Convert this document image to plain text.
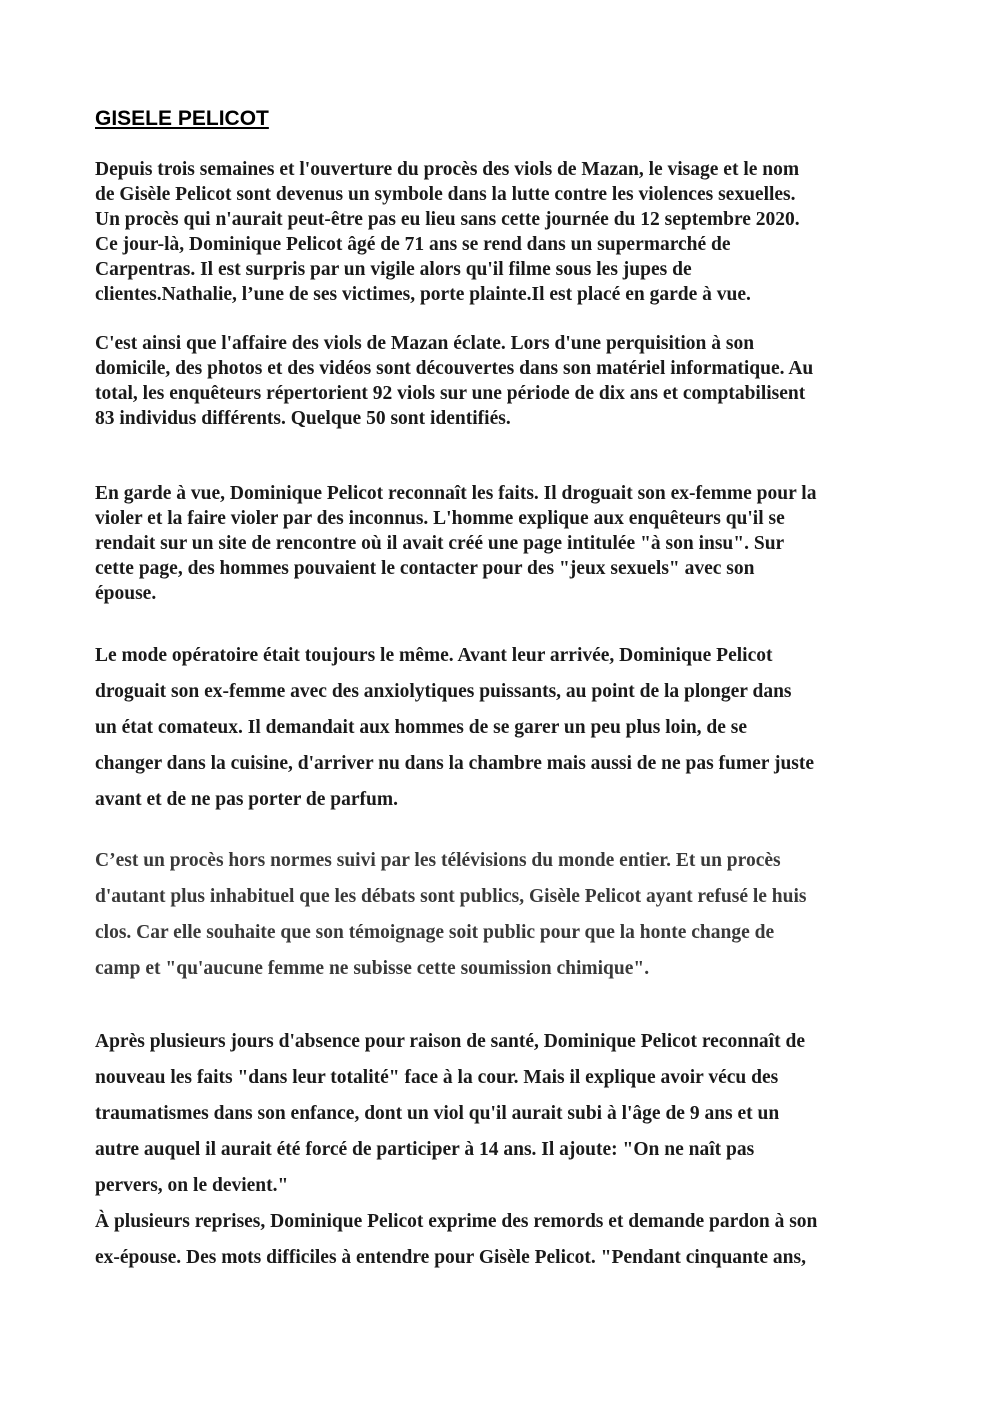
GISELE PELICOT

Depuis trois semaines et l'ouverture du procès des viols de Mazan, le visage et le nom
de Gisèle Pelicot sont devenus un symbole dans la lutte contre les violences sexuelles.
Un procès qui n'aurait peut-être pas eu lieu sans cette journée du 12 septembre 2020.
Ce jour-là, Dominique Pelicot âgé de 71 ans se rend dans un supermarché de
Carpentras. Il est surpris par un vigile alors qu'il filme sous les jupes de
clientes.Nathalie, l’une de ses victimes, porte plainte.Il est placé en garde à vue.

C'est ainsi que l'affaire des viols de Mazan éclate. Lors d'une perquisition à son
domicile, des photos et des vidéos sont découvertes dans son matériel informatique. Au
total, les enquêteurs répertorient 92 viols sur une période de dix ans et comptabilisent
83 individus différents. Quelque 50 sont identifiés.

En garde à vue, Dominique Pelicot reconnaît les faits. Il droguait son ex-femme pour la
violer et la faire violer par des inconnus. L'homme explique aux enquêteurs qu'il se
rendait sur un site de rencontre où il avait créé une page intitulée "à son insu". Sur
cette page, des hommes pouvaient le contacter pour des "jeux sexuels" avec son
épouse.

Le mode opératoire était toujours le même. Avant leur arrivée, Dominique Pelicot
droguait son ex-femme avec des anxiolytiques puissants, au point de la plonger dans
un état comateux. Il demandait aux hommes de se garer un peu plus loin, de se
changer dans la cuisine, d'arriver nu dans la chambre mais aussi de ne pas fumer juste
avant et de ne pas porter de parfum.

C’est un procès hors normes suivi par les télévisions du monde entier. Et un procès
d'autant plus inhabituel que les débats sont publics, Gisèle Pelicot ayant refusé le huis
clos. Car elle souhaite que son témoignage soit public pour que la honte change de
camp et "qu'aucune femme ne subisse cette soumission chimique".

Après plusieurs jours d'absence pour raison de santé, Dominique Pelicot reconnaît de
nouveau les faits "dans leur totalité" face à la cour. Mais il explique avoir vécu des
traumatismes dans son enfance, dont un viol qu'il aurait subi à l'âge de 9 ans et un
autre auquel il aurait été forcé de participer à 14 ans. Il ajoute: "On ne naît pas
pervers, on le devient."
À plusieurs reprises, Dominique Pelicot exprime des remords et demande pardon à son
ex-épouse. Des mots difficiles à entendre pour Gisèle Pelicot. "Pendant cinquante ans,
